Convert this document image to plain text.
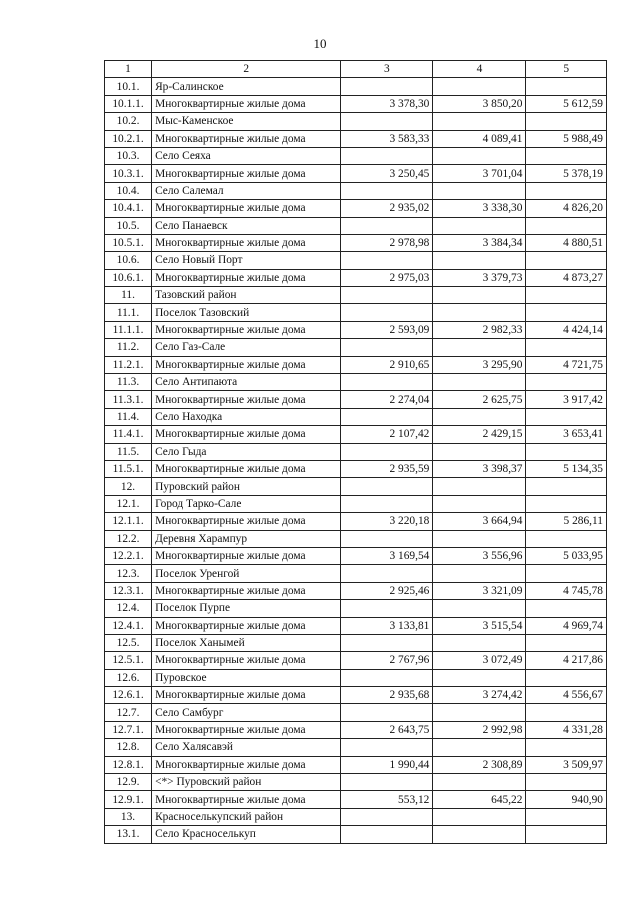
10
1	2	3	4	5
10.1.	Яр-Салинское			
10.1.1.	Многоквартирные жилые дома	3 378,30	3 850,20	5 612,59
10.2.	Мыс-Каменское			
10.2.1.	Многоквартирные жилые дома	3 583,33	4 089,41	5 988,49
10.3.	Село Сеяха			
10.3.1.	Многоквартирные жилые дома	3 250,45	3 701,04	5 378,19
10.4.	Село Салемал			
10.4.1.	Многоквартирные жилые дома	2 935,02	3 338,30	4 826,20
10.5.	Село Панаевск			
10.5.1.	Многоквартирные жилые дома	2 978,98	3 384,34	4 880,51
10.6.	Село Новый Порт			
10.6.1.	Многоквартирные жилые дома	2 975,03	3 379,73	4 873,27
11.	Тазовский район			
11.1.	Поселок Тазовский			
11.1.1.	Многоквартирные жилые дома	2 593,09	2 982,33	4 424,14
11.2.	Село Газ-Сале			
11.2.1.	Многоквартирные жилые дома	2 910,65	3 295,90	4 721,75
11.3.	Село Антипаюта			
11.3.1.	Многоквартирные жилые дома	2 274,04	2 625,75	3 917,42
11.4.	Село Находка			
11.4.1.	Многоквартирные жилые дома	2 107,42	2 429,15	3 653,41
11.5.	Село Гыда			
11.5.1.	Многоквартирные жилые дома	2 935,59	3 398,37	5 134,35
12.	Пуровский район			
12.1.	Город Тарко-Сале			
12.1.1.	Многоквартирные жилые дома	3 220,18	3 664,94	5 286,11
12.2.	Деревня Харампур			
12.2.1.	Многоквартирные жилые дома	3 169,54	3 556,96	5 033,95
12.3.	Поселок Уренгой			
12.3.1.	Многоквартирные жилые дома	2 925,46	3 321,09	4 745,78
12.4.	Поселок Пурпе			
12.4.1.	Многоквартирные жилые дома	3 133,81	3 515,54	4 969,74
12.5.	Поселок Ханымей			
12.5.1.	Многоквартирные жилые дома	2 767,96	3 072,49	4 217,86
12.6.	Пуровское			
12.6.1.	Многоквартирные жилые дома	2 935,68	3 274,42	4 556,67
12.7.	Село Самбург			
12.7.1.	Многоквартирные жилые дома	2 643,75	2 992,98	4 331,28
12.8.	Село Халясавэй			
12.8.1.	Многоквартирные жилые дома	1 990,44	2 308,89	3 509,97
12.9.	<*> Пуровский район			
12.9.1.	Многоквартирные жилые дома	553,12	645,22	940,90
13.	Красноселькупский район			
13.1.	Село Красноселькуп			
